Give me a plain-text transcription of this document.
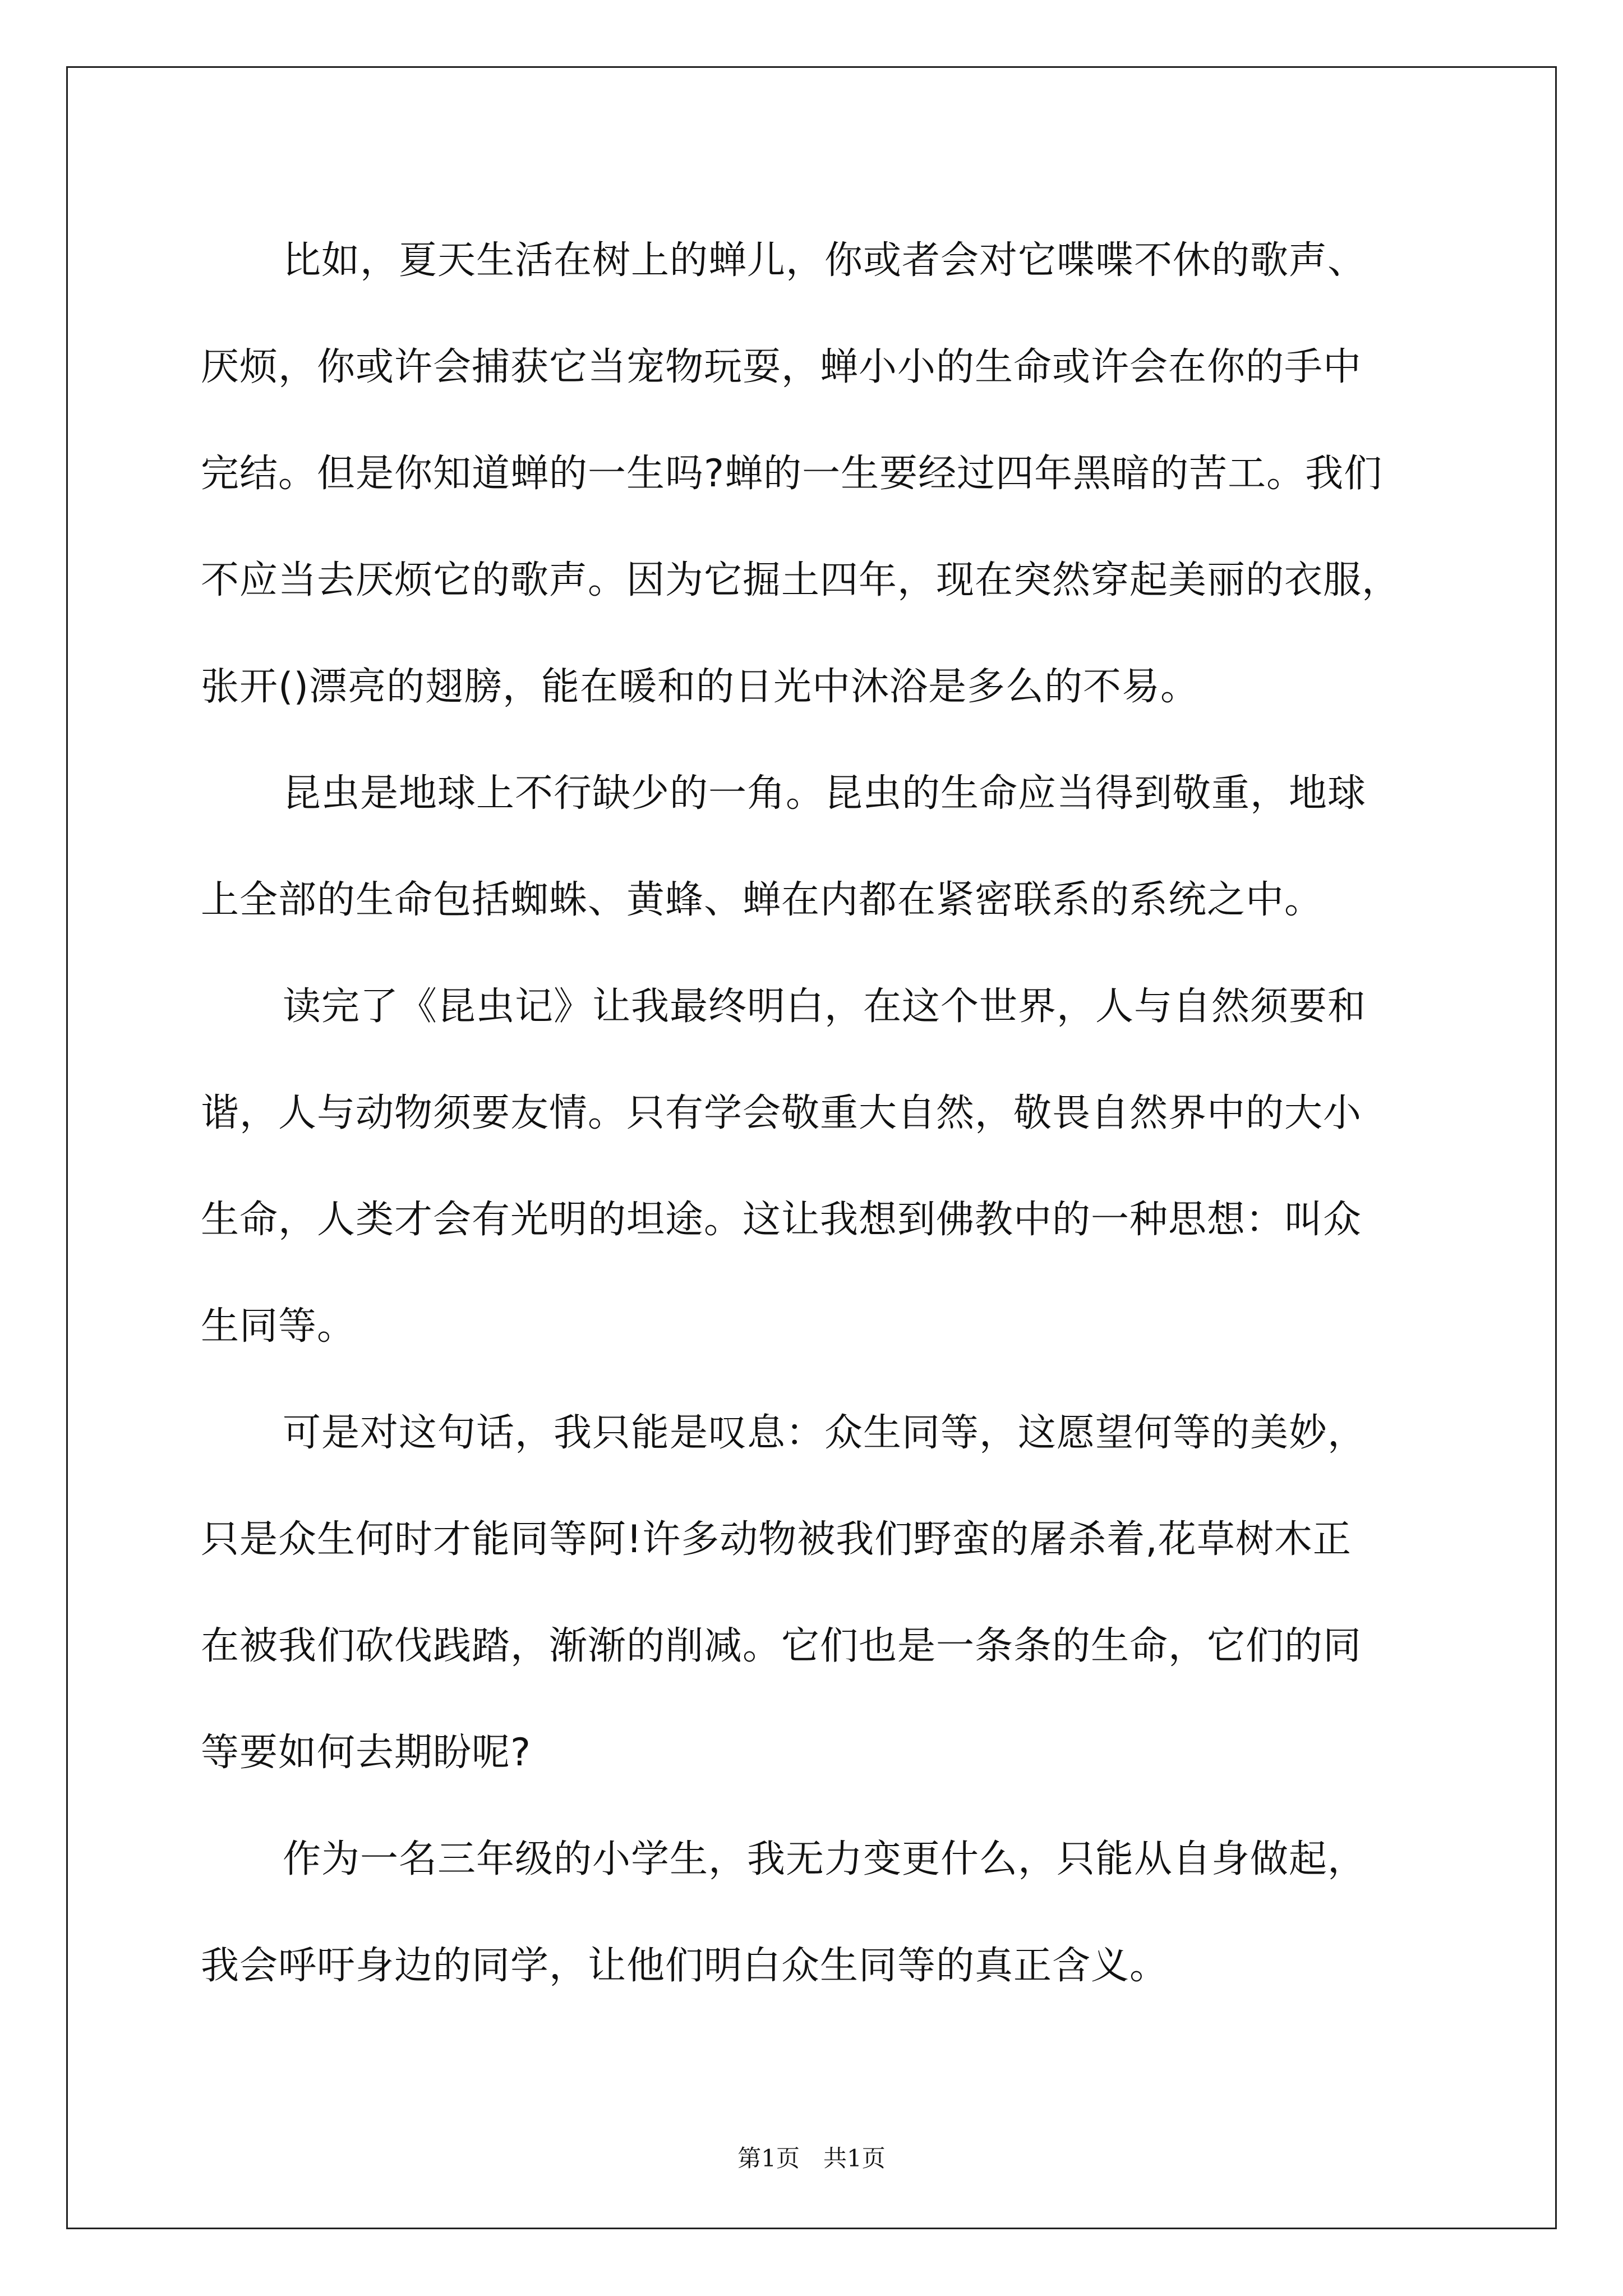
比如，夏天生活在树上的蝉儿，你或者会对它喋喋不休的歌声、
厌烦，你或许会捕获它当宠物玩耍，蝉小小的生命或许会在你的手中
完结。但是你知道蝉的一生吗?蝉的一生要经过四年黑暗的苦工。我们
不应当去厌烦它的歌声。因为它掘土四年，现在突然穿起美丽的衣服，
张开()漂亮的翅膀，能在暖和的日光中沐浴是多么的不易。
昆虫是地球上不行缺少的一角。昆虫的生命应当得到敬重，地球
上全部的生命包括蜘蛛、黄蜂、蝉在内都在紧密联系的系统之中。
读完了《昆虫记》让我最终明白，在这个世界，人与自然须要和
谐，人与动物须要友情。只有学会敬重大自然，敬畏自然界中的大小
生命，人类才会有光明的坦途。这让我想到佛教中的一种思想：叫众
生同等。
可是对这句话，我只能是叹息：众生同等，这愿望何等的美妙，
只是众生何时才能同等阿!许多动物被我们野蛮的屠杀着,花草树木正
在被我们砍伐践踏，渐渐的削减。它们也是一条条的生命，它们的同
等要如何去期盼呢?
作为一名三年级的小学生，我无力变更什么，只能从自身做起，
我会呼吁身边的同学，让他们明白众生同等的真正含义。
第1页　共1页
